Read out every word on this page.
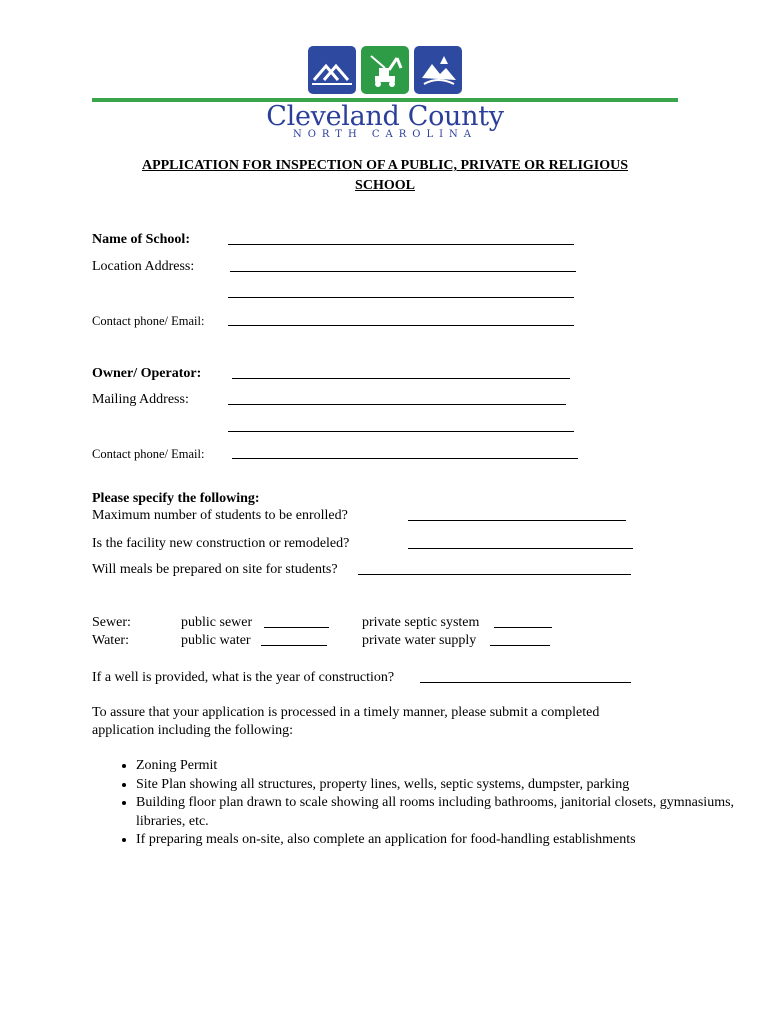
Cleveland County
NORTH CAROLINA
APPLICATION FOR INSPECTION OF A PUBLIC, PRIVATE OR RELIGIOUS
SCHOOL
Name of School:
Location Address:
Contact phone/ Email:
Owner/ Operator:
Mailing Address:
Contact phone/ Email:
Please specify the following:
Maximum number of students to be enrolled?
Is the facility new construction or remodeled?
Will meals be prepared on site for students?
Sewer:	public sewer	private septic system
Water:	public water	private water supply
If a well is provided, what is the year of construction?
To assure that your application is processed in a timely manner, please submit a completed
application including the following:
• Zoning Permit
• Site Plan showing all structures, property lines, wells, septic systems, dumpster, parking
• Building floor plan drawn to scale showing all rooms including bathrooms, janitorial closets, gymnasiums, libraries, etc.
• If preparing meals on-site, also complete an application for food-handling establishments
